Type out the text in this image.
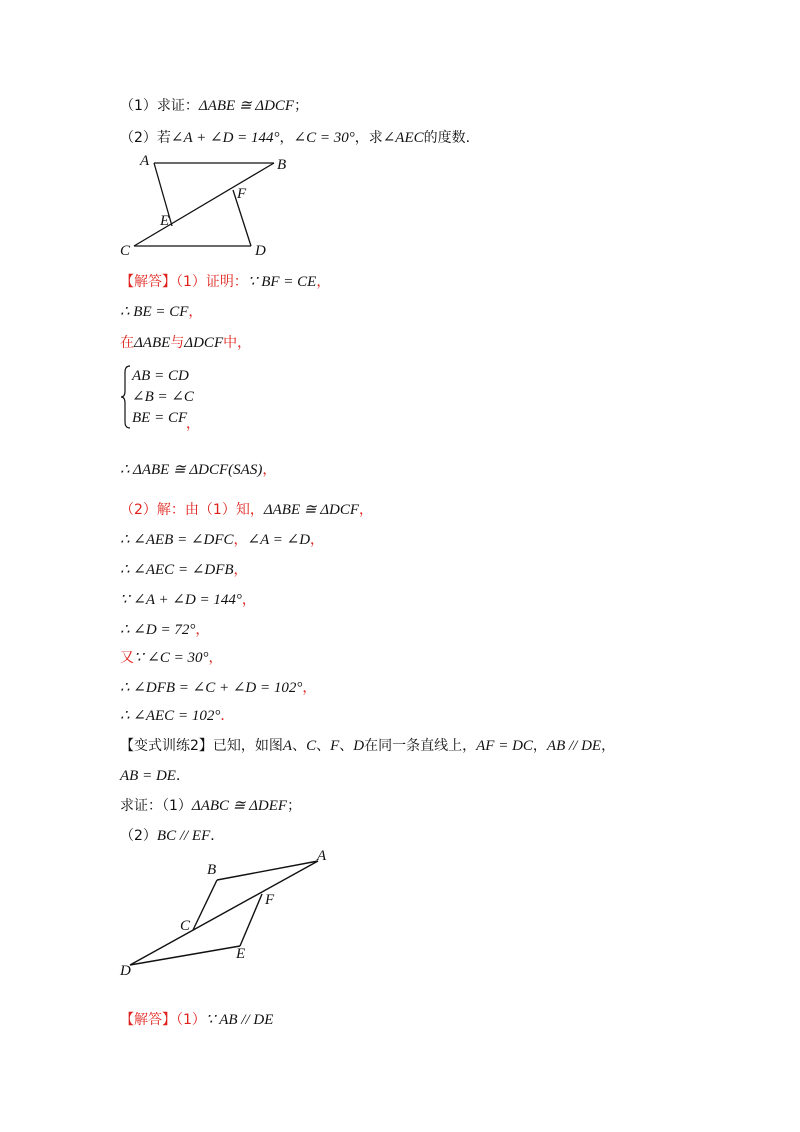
（1）求证：ΔABE ≅ ΔDCF；
（2）若∠A + ∠D = 144°，∠C = 30°，求∠AEC的度数.
A	B
C	D
E
F
【解答】（1）证明：∵ BF = CE，
∴ BE = CF，
在ΔABE与ΔDCF中，
AB = CD
∠B = ∠C
BE = CF
，
∴ ΔABE ≅ ΔDCF(SAS)，
（2）解：由（1）知，ΔABE ≅ ΔDCF，
∴ ∠AEB = ∠DFC，∠A = ∠D，
∴ ∠AEC = ∠DFB，
∵ ∠A + ∠D = 144°，
∴ ∠D = 72°，
又∵ ∠C = 30°，
∴ ∠DFB = ∠C + ∠D = 102°，
∴ ∠AEC = 102°．
【变式训练2】已知，如图A、C、F、D在同一条直线上，AF = DC，AB // DE，
AB = DE．
求证：（1）ΔABC ≅ ΔDEF；
（2）BC // EF．
A
B
C
D
E
F
【解答】（1）∵ AB // DE
